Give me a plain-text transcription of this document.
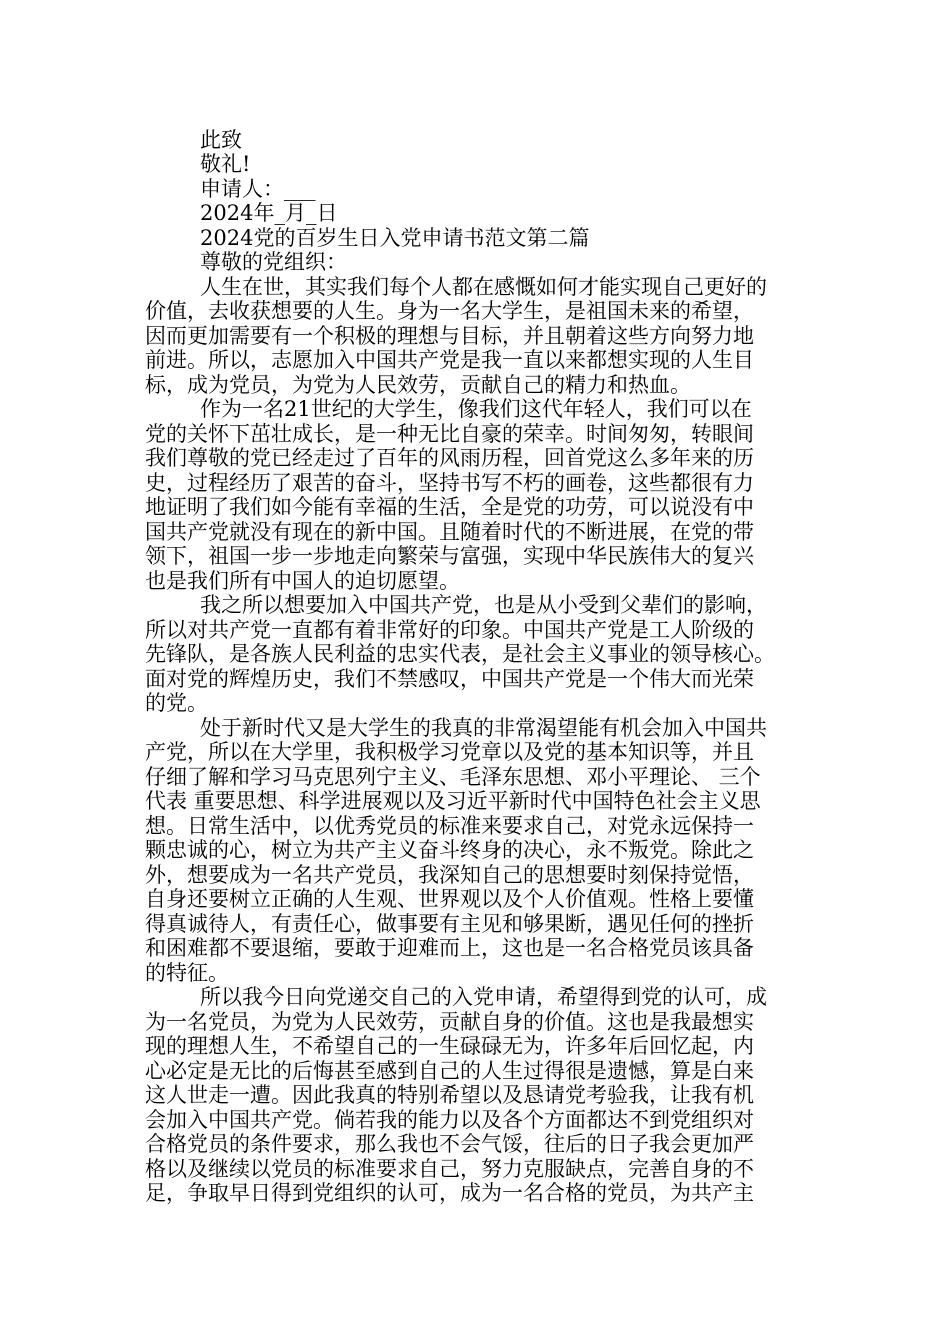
此致

敬礼!

申请人：___

2024年_月_日

2024党的百岁生日入党申请书范文第二篇

尊敬的党组织：

人生在世，其实我们每个人都在感慨如何才能实现自己更好的

价值，去收获想要的人生。身为一名大学生，是祖国未来的希望，

因而更加需要有一个积极的理想与目标，并且朝着这些方向努力地

前进。所以，志愿加入中国共产党是我一直以来都想实现的人生目

标，成为党员，为党为人民效劳，贡献自己的精力和热血。

作为一名21世纪的大学生，像我们这代年轻人，我们可以在

党的关怀下茁壮成长，是一种无比自豪的荣幸。时间匆匆，转眼间

我们尊敬的党已经走过了百年的风雨历程，回首党这么多年来的历

史，过程经历了艰苦的奋斗，坚持书写不朽的画卷，这些都很有力

地证明了我们如今能有幸福的生活，全是党的功劳，可以说没有中

国共产党就没有现在的新中国。且随着时代的不断进展，在党的带

领下，祖国一步一步地走向繁荣与富强，实现中华民族伟大的复兴

也是我们所有中国人的迫切愿望。

我之所以想要加入中国共产党，也是从小受到父辈们的影响，

所以对共产党一直都有着非常好的印象。中国共产党是工人阶级的

先锋队，是各族人民利益的忠实代表，是社会主义事业的领导核心。

面对党的辉煌历史，我们不禁感叹，中国共产党是一个伟大而光荣

的党。

处于新时代又是大学生的我真的非常渴望能有机会加入中国共

产党，所以在大学里，我积极学习党章以及党的基本知识等，并且

仔细了解和学习马克思列宁主义、毛泽东思想、邓小平理论、 三个

代表 重要思想、科学进展观以及习近平新时代中国特色社会主义思

想。日常生活中，以优秀党员的标准来要求自己，对党永远保持一

颗忠诚的心，树立为共产主义奋斗终身的决心，永不叛党。除此之

外，想要成为一名共产党员，我深知自己的思想要时刻保持觉悟，

自身还要树立正确的人生观、世界观以及个人价值观。性格上要懂

得真诚待人，有责任心，做事要有主见和够果断，遇见任何的挫折

和困难都不要退缩，要敢于迎难而上，这也是一名合格党员该具备

的特征。

所以我今日向党递交自己的入党申请，希望得到党的认可，成

为一名党员，为党为人民效劳，贡献自身的价值。这也是我最想实

现的理想人生，不希望自己的一生碌碌无为，许多年后回忆起，内

心必定是无比的后悔甚至感到自己的人生过得很是遗憾，算是白来

这人世走一遭。因此我真的特别希望以及恳请党考验我，让我有机

会加入中国共产党。倘若我的能力以及各个方面都达不到党组织对

合格党员的条件要求，那么我也不会气馁，往后的日子我会更加严

格以及继续以党员的标准要求自己，努力克服缺点，完善自身的不

足，争取早日得到党组织的认可，成为一名合格的党员，为共产主
